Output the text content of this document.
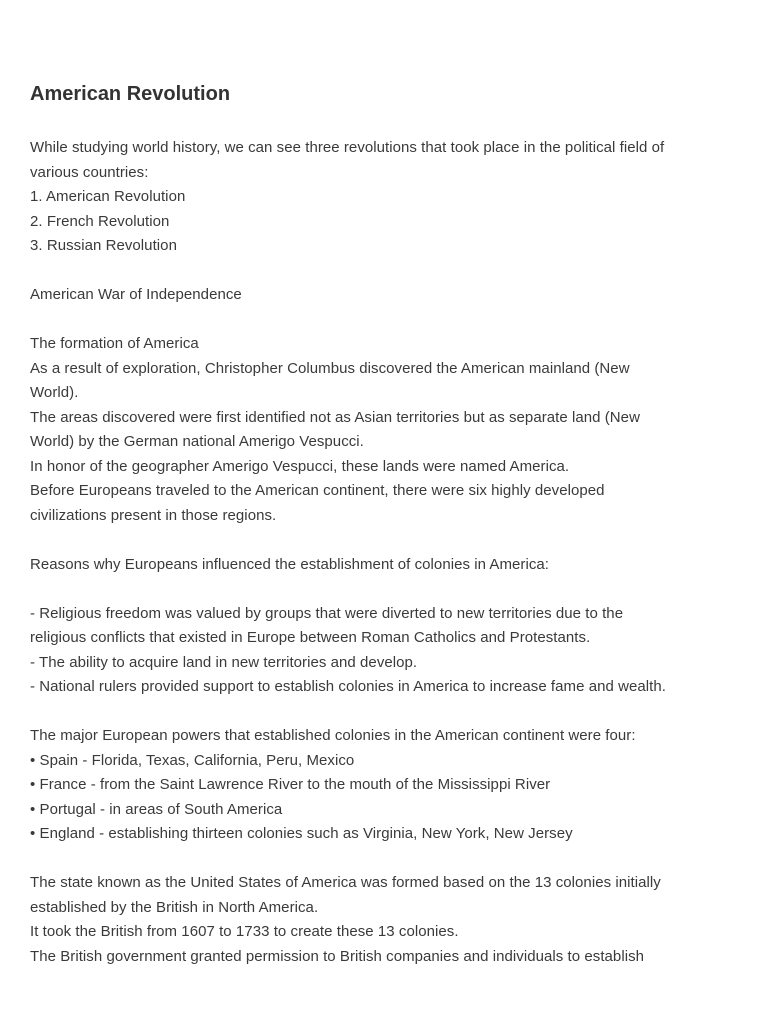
American Revolution
While studying world history, we can see three revolutions that took place in the political field of
various countries:
1. American Revolution
2. French Revolution
3. Russian Revolution
American War of Independence
The formation of America
As a result of exploration, Christopher Columbus discovered the American mainland (New
World).
The areas discovered were first identified not as Asian territories but as separate land (New
World) by the German national Amerigo Vespucci.
In honor of the geographer Amerigo Vespucci, these lands were named America.
Before Europeans traveled to the American continent, there were six highly developed
civilizations present in those regions.
Reasons why Europeans influenced the establishment of colonies in America:
- Religious freedom was valued by groups that were diverted to new territories due to the
religious conflicts that existed in Europe between Roman Catholics and Protestants.
- The ability to acquire land in new territories and develop.
- National rulers provided support to establish colonies in America to increase fame and wealth.
The major European powers that established colonies in the American continent were four:
• Spain - Florida, Texas, California, Peru, Mexico
• France - from the Saint Lawrence River to the mouth of the Mississippi River
• Portugal - in areas of South America
• England - establishing thirteen colonies such as Virginia, New York, New Jersey
The state known as the United States of America was formed based on the 13 colonies initially
established by the British in North America.
It took the British from 1607 to 1733 to create these 13 colonies.
The British government granted permission to British companies and individuals to establish
